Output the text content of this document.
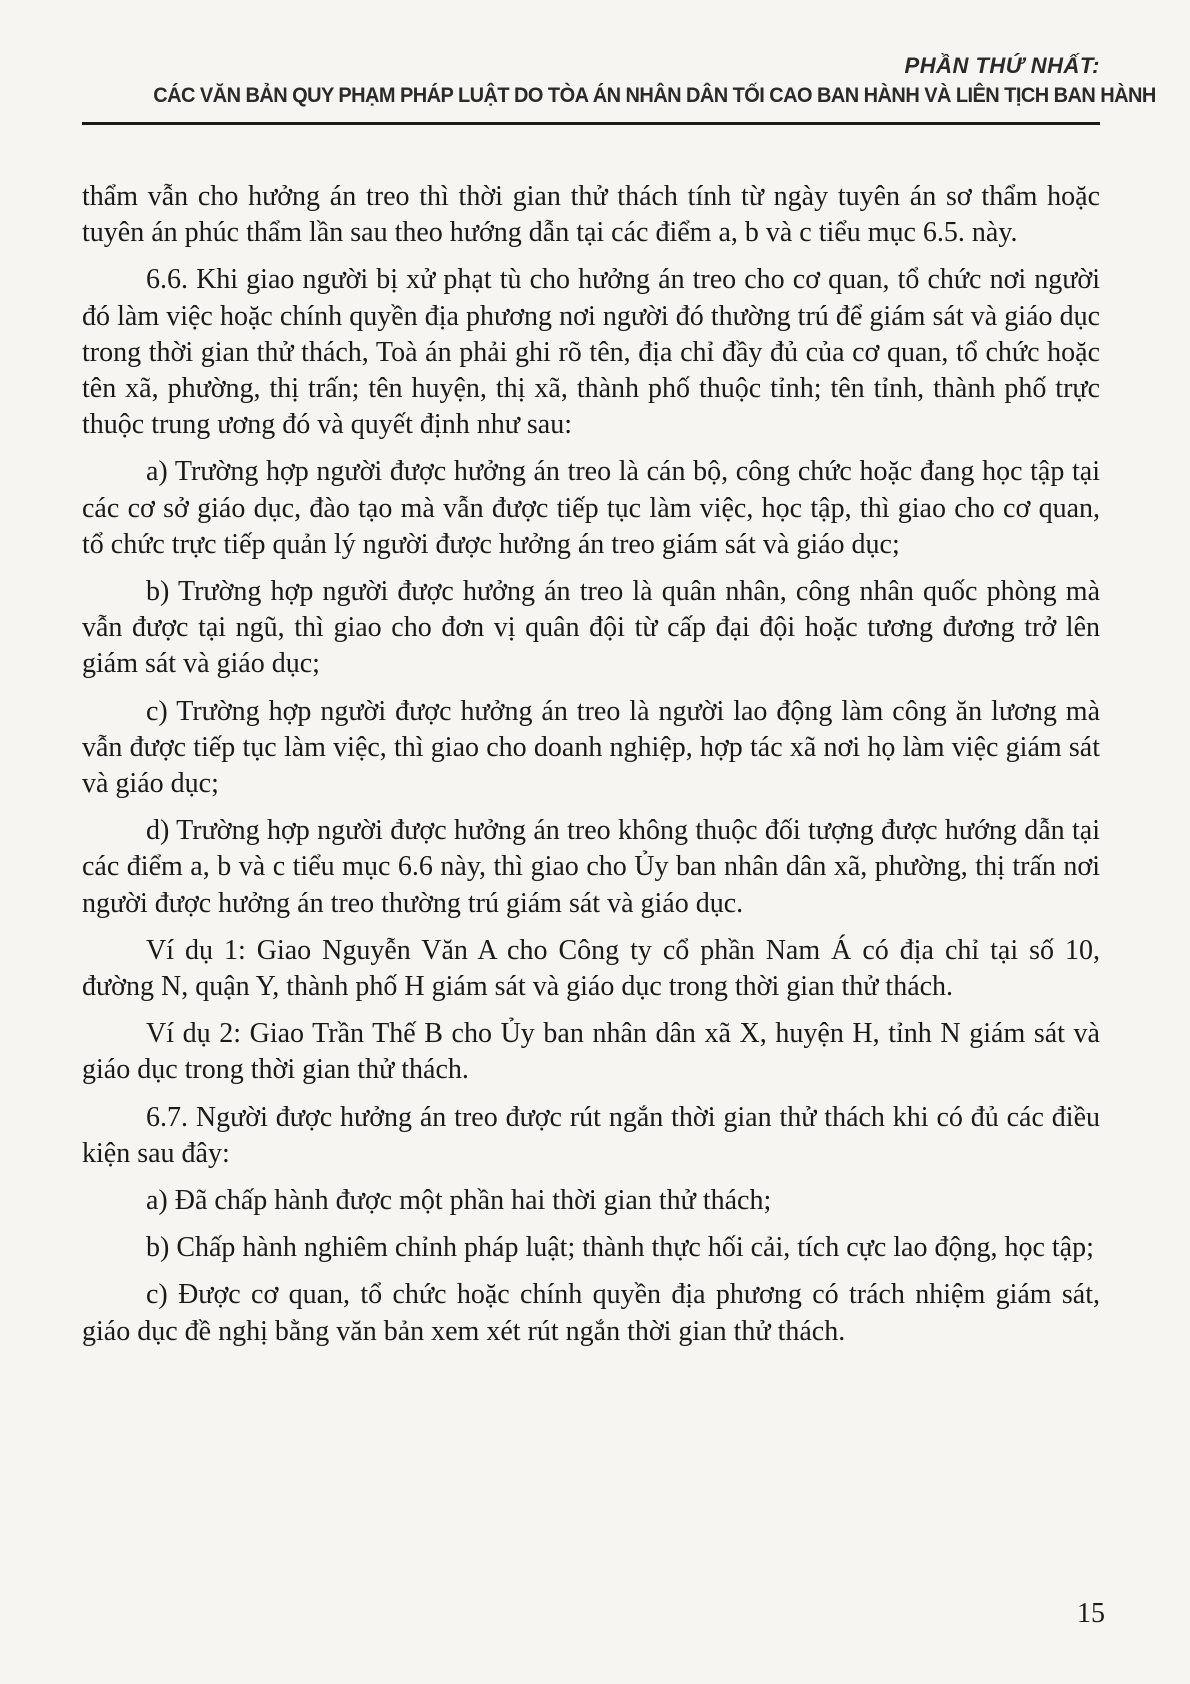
PHẦN THỨ NHẤT:
CÁC VĂN BẢN QUY PHẠM PHÁP LUẬT DO TÒA ÁN NHÂN DÂN TỐI CAO BAN HÀNH VÀ LIÊN TỊCH BAN HÀNH

thẩm vẫn cho hưởng án treo thì thời gian thử thách tính từ ngày tuyên án sơ thẩm hoặc tuyên án phúc thẩm lần sau theo hướng dẫn tại các điểm a, b và c tiểu mục 6.5. này.

6.6. Khi giao người bị xử phạt tù cho hưởng án treo cho cơ quan, tổ chức nơi người đó làm việc hoặc chính quyền địa phương nơi người đó thường trú để giám sát và giáo dục trong thời gian thử thách, Toà án phải ghi rõ tên, địa chỉ đầy đủ của cơ quan, tổ chức hoặc tên xã, phường, thị trấn; tên huyện, thị xã, thành phố thuộc tỉnh; tên tỉnh, thành phố trực thuộc trung ương đó và quyết định như sau:

a) Trường hợp người được hưởng án treo là cán bộ, công chức hoặc đang học tập tại các cơ sở giáo dục, đào tạo mà vẫn được tiếp tục làm việc, học tập, thì giao cho cơ quan, tổ chức trực tiếp quản lý người được hưởng án treo giám sát và giáo dục;

b) Trường hợp người được hưởng án treo là quân nhân, công nhân quốc phòng mà vẫn được tại ngũ, thì giao cho đơn vị quân đội từ cấp đại đội hoặc tương đương trở lên giám sát và giáo dục;

c) Trường hợp người được hưởng án treo là người lao động làm công ăn lương mà vẫn được tiếp tục làm việc, thì giao cho doanh nghiệp, hợp tác xã nơi họ làm việc giám sát và giáo dục;

d) Trường hợp người được hưởng án treo không thuộc đối tượng được hướng dẫn tại các điểm a, b và c tiểu mục 6.6 này, thì giao cho Ủy ban nhân dân xã, phường, thị trấn nơi người được hưởng án treo thường trú giám sát và giáo dục.

Ví dụ 1: Giao Nguyễn Văn A cho Công ty cổ phần Nam Á có địa chỉ tại số 10, đường N, quận Y, thành phố H giám sát và giáo dục trong thời gian thử thách.

Ví dụ 2: Giao Trần Thế B cho Ủy ban nhân dân xã X, huyện H, tỉnh N giám sát và giáo dục trong thời gian thử thách.

6.7. Người được hưởng án treo được rút ngắn thời gian thử thách khi có đủ các điều kiện sau đây:

a) Đã chấp hành được một phần hai thời gian thử thách;

b) Chấp hành nghiêm chỉnh pháp luật; thành thực hối cải, tích cực lao động, học tập;

c) Được cơ quan, tổ chức hoặc chính quyền địa phương có trách nhiệm giám sát, giáo dục đề nghị bằng văn bản xem xét rút ngắn thời gian thử thách.

15
